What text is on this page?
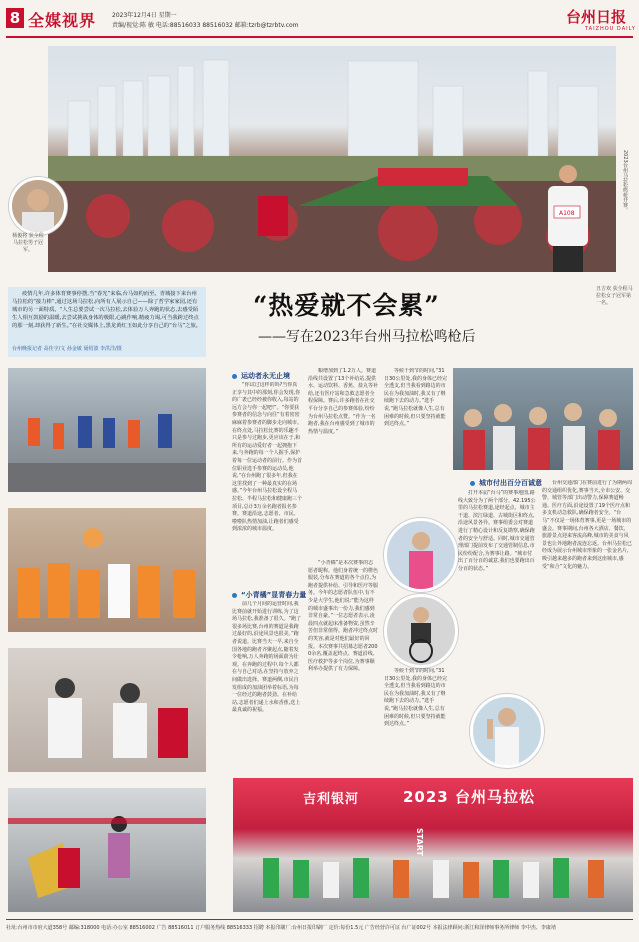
8 全媒视界	2023年12月4日 星期一
责编/视觉:陈 敏 电话:88516033 88516032 邮箱:tzrb@tzrbtv.com	台州日报
TAIZHOU DAILY
A108
杨俊将 获全程马拉松男子冠军。
2023台州马拉松鸣枪开赛。
丑吉欢 获全程马拉松女子冠军第一名。

疫情几年,许多体育赛事停摆,当“春光”来临,台马如约而至。青城接下来台州马拉松的“接力棒”,通过这场马拉松,向所有人展示自己——除了哲学家家园,还有城市的另一面特质。“人生总要尝试一次马拉松,去体验万人奔跑的状态,去感受陌生人相互鼓励的温暖,去尝试挑战身体的极限,心跳作响,精疲力竭,可当我跨过终点的那一刻,却获得了新生。”在社交媒体上,黑龙黄红玉如此分享自己的“台马”之旅。

台州晚报记者 高佳宇/文 孙金敏 聂绍波 李洪洋/摄
“热爱就不会累”
——写在2023年台州马拉松鸣枪后
吉利银河	2023 台州马拉松
START
运动者永无止境
“你试过这样的吗?当你真正享与其中的那刻,你会发现,你的广袤已经经被你收入,每站的远方会与你一起吧!”。“你要获参赛者的信念与向往”有着密密麻麻着参赛者的脚步走向城市。在终点处,马拉松比赛的乐趣不只是参与过跑步,更应该在于,和所有的运动爱好者一起拥抱下来,与奔跑的每一个人握手,保护着每一位运动者的前行。作为首位职业选手参赛的运动员,他说,“在台州跑了很多年,但我在这里找到了一种最真实的在场感。”今年台州马拉松设全程马拉松、半程马拉松和健康跑三个项目,总计3万余名跑者报名参赛。赛道沿途,志愿者、市民、啦啦队热情加油,让跑者们感受到浓浓的城市温度。
粮增加到了1.2万人。赛道沿线共设置了13个补给站,提供水、运动饮料、香蕉、盐丸等补给,还有医疗站和急救志愿者全程保障。赛后,许多跑者在社交平台分享自己的参赛体验,纷纷为台州马拉松点赞。“作为一名跑者,我在台州感受到了城市的热情与温度。”
等候千到节的时间,“31日30公里处,我的身体已经完全透支,但当我看到路边的市民在为我加油时,我又有了继续跑下去的动力。”选手说,“跑马拉松就像人生,总有困难的时候,但只要坚持就能到达终点。”
“小青橘”显青春力量
前几个月间的运营时间,我比赛前就开始进行训练,为了这场马拉松,我准备了很久。“跑了很多场比赛,台州的赛道是我跑过最好的,沿途风景也很美。”跑者说道。比赛当天一早,来自全国各地的跑者齐聚起点,随着发令枪响,万人奔跑的场面蔚为壮观。在奔跑的过程中,每个人都在与自己对话,在坚持与放弃之间做出选择。赛道两侧,市民自发组成的加油团举着标语,为每一位经过的跑者鼓劲。在补给站,志愿者们递上水和香蕉,送上最真诚的祝福。
“小青橘”是本次赛事的志愿者昵称。他们身着统一的橙色服装,分布在赛道的各个点位,为跑者提供补给、引导和医疗等服务。今年的志愿者队伍中,有不少是大学生,他们说:“能为这样的城市盛事出一份力,我们感到非常自豪。”一位志愿者表示,凌晨四点就起床准备物资,虽然辛苦但非常值得。跑者冲过终点时的笑容,就是对他们最好的回报。本次赛事共招募志愿者2000余名,覆盖起终点、赛道沿线、医疗救护等多个岗位,为赛事顺利举办提供了有力保障。
城市付出百分百诚意
打开本届“台马”的赛事地图,路线大致分为了两个部分。42.195公里的马拉松赛道,途经起点、城市主干道、滨江绿道、古城街区和终点,沿途风景各异。赛事组委会对赛道进行了精心设计和反复勘察,确保跑者的安全与舒适。同时,城市交通管理部门提前发布了交通管制信息,市民纷纷配合,为赛事让路。“城市付出了百分百的诚意,我们也要跑出百分百的状态。”
台州交通部门在赛前进行了为期两周的交通组织优化,赛事当天,全市公安、交警、城管等部门出动警力,保障赛道畅通。医疗方面,沿途设置了19个医疗点和多支机动急救队,确保跑者安全。“台马”不仅是一场体育赛事,更是一场城市的盛会。赛事期间,台州各大酒店、餐饮、旅游景点迎来客流高峰,城市的美食与风景也让外地跑者流连忘返。台州马拉松已经成为展示台州城市形象的一张金名片,吸引越来越多的跑者来到这座城市,感受“和合”文化的魅力。
等候千到节的时间,“31日30公里处,我的身体已经完全透支,但当我看到路边的市民在为我加油时,我又有了继续跑下去的动力。”选手说,“跑马拉松就像人生,总有困难的时候,但只要坚持就能到达终点。”
社址:台州市市府大道358号 邮编:318000 电话:办公室 88516002 广告 88516011 订户服务热线 88516333 招聘 本报印刷厂:台州日报印刷厂 定价:每份1.5元 广告经营许可证 台广证002号 本报法律顾问:浙江和泽律师事务所律师 李中杰、李康靖
